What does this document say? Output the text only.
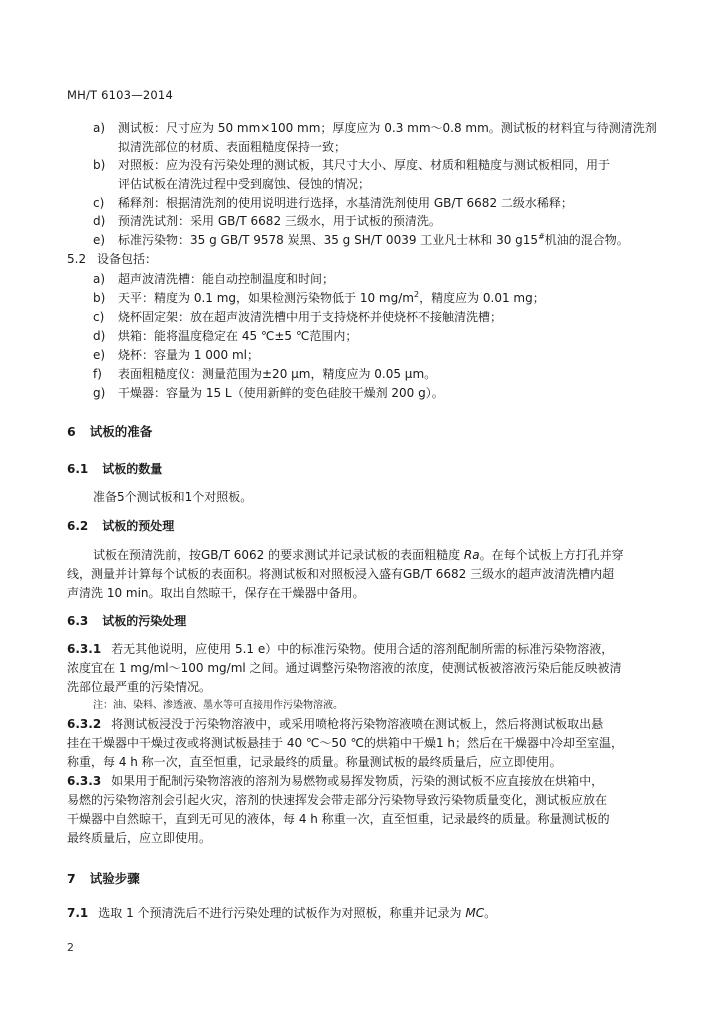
MH/T 6103—2014
a) 测试板：尺寸应为 50 mm×100 mm；厚度应为 0.3 mm～0.8 mm。测试板的材料宜与待测清洗剂
拟清洗部位的材质、表面粗糙度保持一致；
b) 对照板：应为没有污染处理的测试板，其尺寸大小、厚度、材质和粗糙度与测试板相同，用于
评估试板在清洗过程中受到腐蚀、侵蚀的情况；
c) 稀释剂：根据清洗剂的使用说明进行选择，水基清洗剂使用 GB/T 6682 二级水稀释；
d) 预清洗试剂：采用 GB/T 6682 三级水，用于试板的预清洗。
e) 标准污染物：35 g GB/T 9578 炭黑、35 g SH/T 0039 工业凡士林和 30 g15#机油的混合物。
5.2 设备包括：
a) 超声波清洗槽：能自动控制温度和时间；
b) 天平：精度为 0.1 mg，如果检测污染物低于 10 $mg/m^2$，精度应为 0.01 mg；
c) 烧杯固定架：放在超声波清洗槽中用于支持烧杯并使烧杯不接触清洗槽；
d) 烘箱：能将温度稳定在 45 ℃±5 ℃范围内；
e) 烧杯：容量为 1 000 ml；
f) 表面粗糙度仪：测量范围为±20 μm，精度应为 0.05 μm。
g) 干燥器：容量为 15 L（使用新鲜的变色硅胶干燥剂 200 g）。
6 试板的准备
6.1 试板的数量
准备5个测试板和1个对照板。
6.2 试板的预处理
试板在预清洗前，按GB/T 6062 的要求测试并记录试板的表面粗糙度 Ra。在每个试板上方打孔并穿
线，测量并计算每个试板的表面积。将测试板和对照板浸入盛有GB/T 6682 三级水的超声波清洗槽内超
声清洗 10 min。取出自然晾干，保存在干燥器中备用。
6.3 试板的污染处理
6.3.1 若无其他说明，应使用 5.1 e）中的标准污染物。使用合适的溶剂配制所需的标准污染物溶液，
浓度宜在 1 mg/ml～100 mg/ml 之间。通过调整污染物溶液的浓度，使测试板被溶液污染后能反映被清
洗部位最严重的污染情况。
注：油、染料、渗透液、墨水等可直接用作污染物溶液。
6.3.2 将测试板浸没于污染物溶液中，或采用喷枪将污染物溶液喷在测试板上，然后将测试板取出悬
挂在干燥器中干燥过夜或将测试板悬挂于 40 ℃～50 ℃的烘箱中干燥1 h；然后在干燥器中冷却至室温，
称重，每 4 h 称一次，直至恒重，记录最终的质量。称量测试板的最终质量后，应立即使用。
6.3.3 如果用于配制污染物溶液的溶剂为易燃物或易挥发物质，污染的测试板不应直接放在烘箱中，
易燃的污染物溶剂会引起火灾，溶剂的快速挥发会带走部分污染物导致污染物质量变化，测试板应放在
干燥器中自然晾干，直到无可见的液体，每 4 h 称重一次，直至恒重，记录最终的质量。称量测试板的
最终质量后，应立即使用。
7 试验步骤
7.1 选取 1 个预清洗后不进行污染处理的试板作为对照板，称重并记录为 MC。
2
